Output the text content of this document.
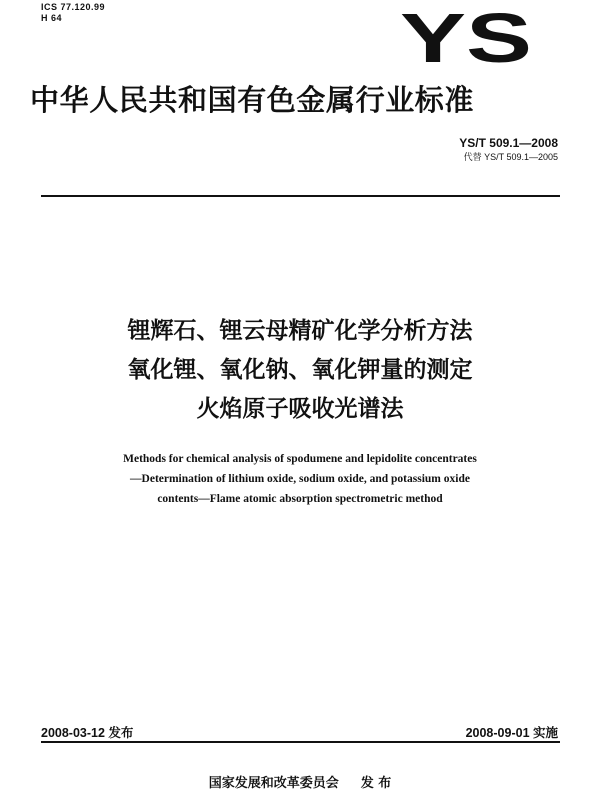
ICS 77.120.99
H 64	YS
中华人民共和国有色金属行业标准
YS/T 509.1—2008
代替 YS/T 509.1—2005
锂辉石、锂云母精矿化学分析方法
氧化锂、氧化钠、氧化钾量的测定
火焰原子吸收光谱法
Methods for chemical analysis of spodumene and lepidolite concentrates
—Determination of lithium oxide, sodium oxide, and potassium oxide
contents—Flame atomic absorption spectrometric method
2008-03-12 发布	2008-09-01 实施
国家发展和改革委员会 发 布
